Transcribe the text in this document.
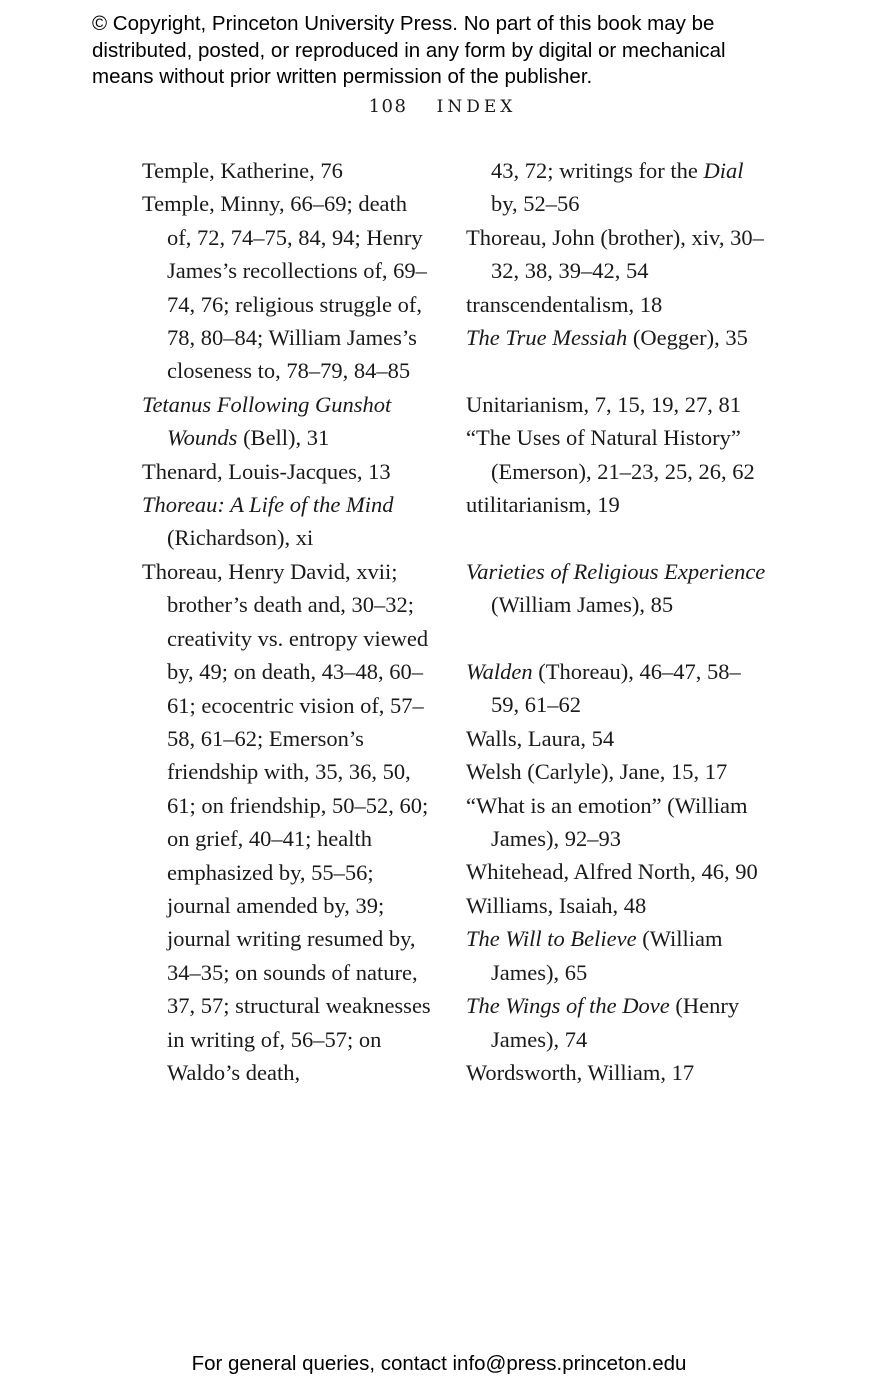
© Copyright, Princeton University Press. No part of this book may be
distributed, posted, or reproduced in any form by digital or mechanical
means without prior written permission of the publisher.
108 INDEX

Temple, Katherine, 76

Temple, Minny, 66–69; death of, 72, 74–75, 84, 94; Henry James’s recollections of, 69–74, 76; religious struggle of, 78, 80–84; William James’s closeness to, 78–79, 84–85

Tetanus Following Gunshot Wounds (Bell), 31

Thenard, Louis-Jacques, 13

Thoreau: A Life of the Mind (Richardson), xi

Thoreau, Henry David, xvii; brother’s death and, 30–32; creativity vs. entropy viewed by, 49; on death, 43–48, 60–61; ecocentric vision of, 57–58, 61–62; Emerson’s friendship with, 35, 36, 50, 61; on friendship, 50–52, 60; on grief, 40–41; health emphasized by, 55–56; journal amended by, 39; journal writing resumed by, 34–35; on sounds of nature, 37, 57; structural weaknesses in writing of, 56–57; on Waldo’s death,

43, 72; writings for the Dial by, 52–56

Thoreau, John (brother), xiv, 30–32, 38, 39–42, 54

transcendentalism, 18

The True Messiah (Oegger), 35

Unitarianism, 7, 15, 19, 27, 81

“The Uses of Natural History” (Emerson), 21–23, 25, 26, 62

utilitarianism, 19

Varieties of Religious Experience (William James), 85

Walden (Thoreau), 46–47, 58–59, 61–62

Walls, Laura, 54

Welsh (Carlyle), Jane, 15, 17

“What is an emotion” (William James), 92–93

Whitehead, Alfred North, 46, 90

Williams, Isaiah, 48

The Will to Believe (William James), 65

The Wings of the Dove (Henry James), 74

Wordsworth, William, 17

For general queries, contact info@press.princeton.edu
